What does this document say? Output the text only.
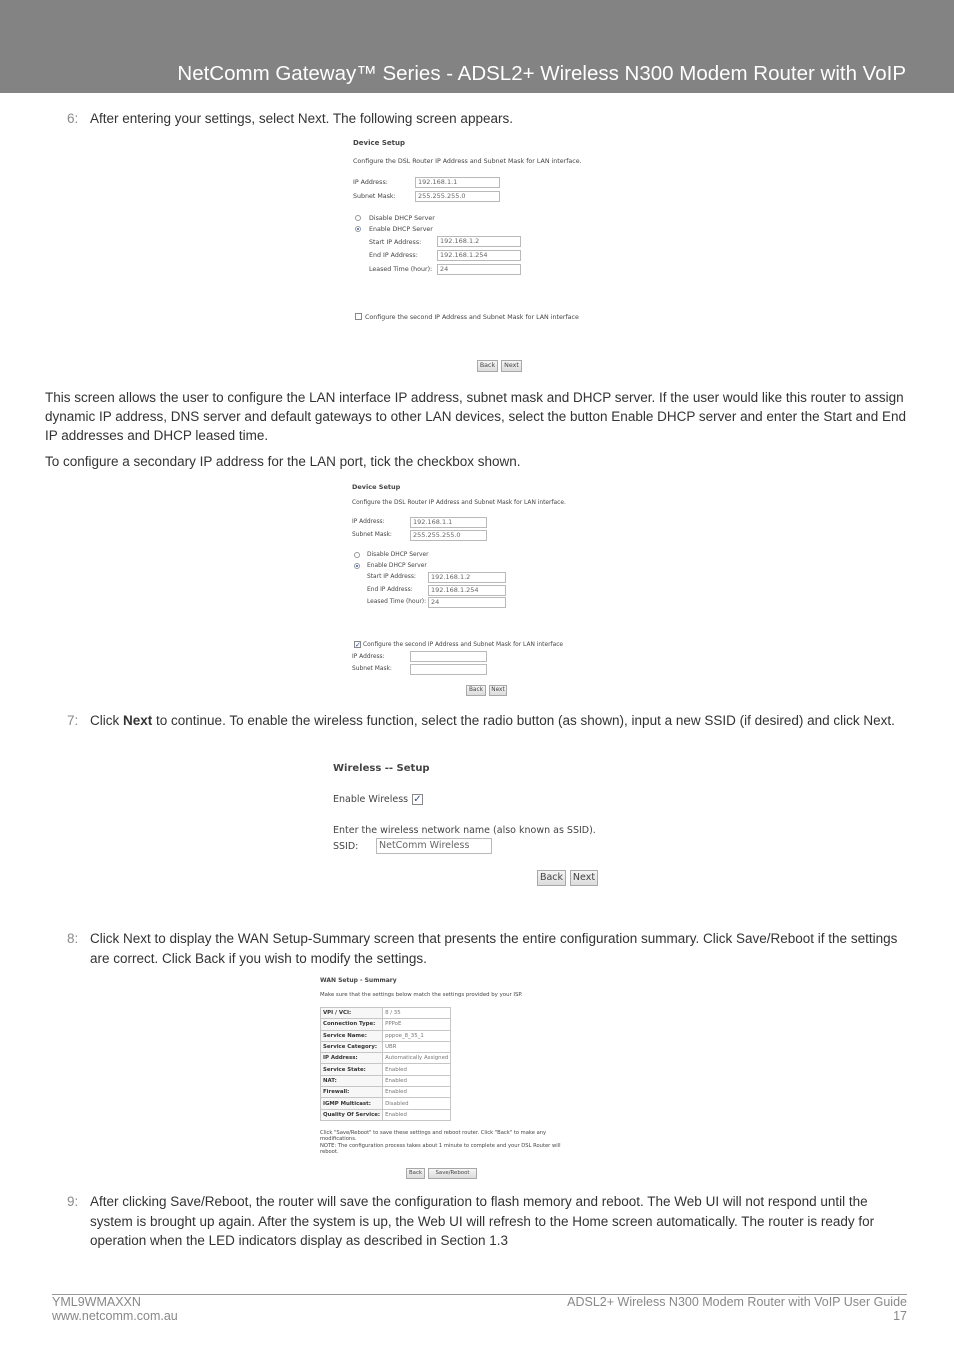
NetComm Gateway™ Series - ADSL2+ Wireless N300 Modem Router with VoIP
6: After entering your settings, select Next. The following screen appears.
Device Setup
Configure the DSL Router IP Address and Subnet Mask for LAN interface.
IP Address:	192.168.1.1
Subnet Mask:	255.255.255.0
Disable DHCP Server
Enable DHCP Server
Start IP Address:	192.168.1.2
End IP Address:	192.168.1.254
Leased Time (hour):	24
Configure the second IP Address and Subnet Mask for LAN interface
Back	Next
This screen allows the user to configure the LAN interface IP address, subnet mask and DHCP server. If the user would like this router to assign dynamic IP address, DNS server and default gateways to other LAN devices, select the button Enable DHCP server and enter the Start and End IP addresses and DHCP leased time.
To configure a secondary IP address for the LAN port, tick the checkbox shown.
Device Setup
Configure the DSL Router IP Address and Subnet Mask for LAN interface.
IP Address:	192.168.1.1
Subnet Mask:	255.255.255.0
Disable DHCP Server
Enable DHCP Server
Start IP Address:	192.168.1.2
End IP Address:	192.168.1.254
Leased Time (hour): 24
✓ Configure the second IP Address and Subnet Mask for LAN interface
IP Address:
Subnet Mask:
Back	Next
7: Click Next to continue. To enable the wireless function, select the radio button (as shown), input a new SSID (if desired) and click Next.
Wireless -- Setup
Enable Wireless ✓
Enter the wireless network name (also known as SSID).
SSID:	NetComm Wireless
Back	Next
8: Click Next to display the WAN Setup-Summary screen that presents the entire configuration summary. Click Save/Reboot if the settings are correct. Click Back if you wish to modify the settings.
WAN Setup - Summary
Make sure that the settings below match the settings provided by your ISP.
VPI / VCI:	8 / 35
Connection Type:	PPPoE
Service Name:	pppoe_8_35_1
Service Category:	UBR
IP Address:	Automatically Assigned
Service State:	Enabled
NAT:	Enabled
Firewall:	Enabled
IGMP Multicast:	Disabled
Quality Of Service:	Enabled
Click "Save/Reboot" to save these settings and reboot router. Click "Back" to make any modifications.
NOTE: The configuration process takes about 1 minute to complete and your DSL Router will reboot.
Back	Save/Reboot
9: After clicking Save/Reboot, the router will save the configuration to flash memory and reboot. The Web UI will not respond until the system is brought up again. After the system is up, the Web UI will refresh to the Home screen automatically. The router is ready for operation when the LED indicators display as described in Section 1.3
YML9WMAXXN
www.netcomm.com.au
ADSL2+ Wireless N300 Modem Router with VoIP User Guide
17
